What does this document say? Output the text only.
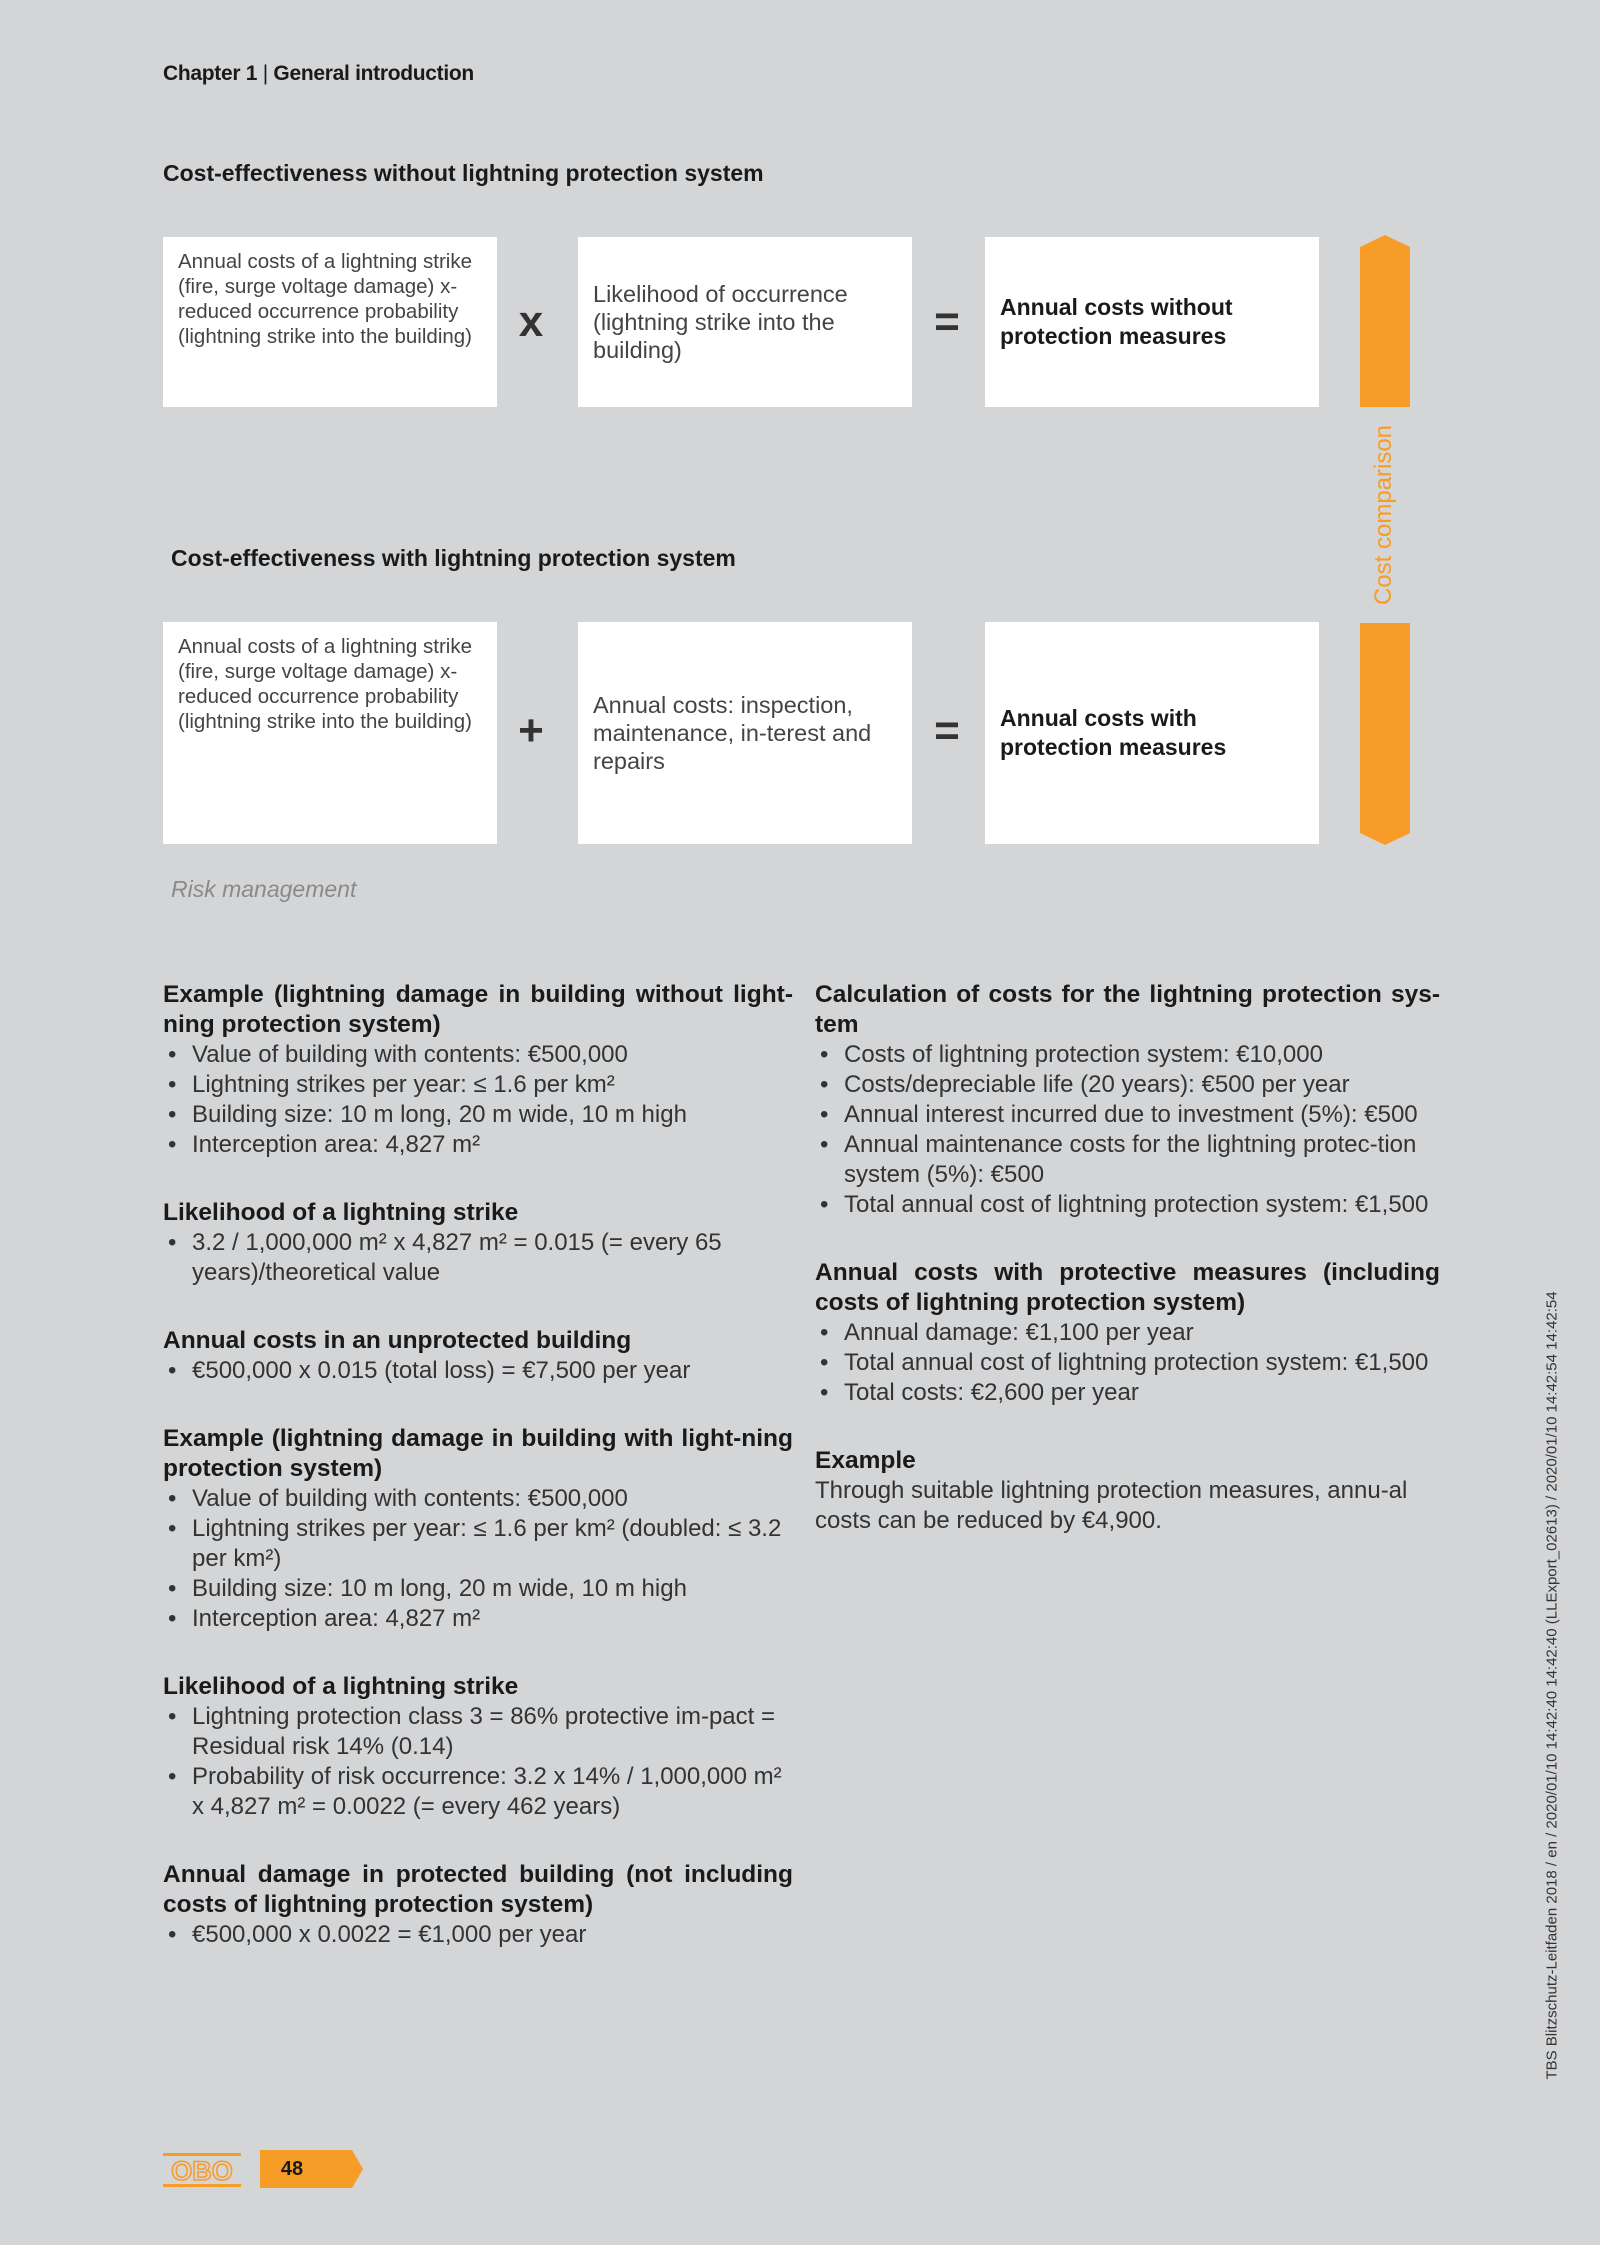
Chapter 1 | General introduction
Cost-effectiveness without lightning protection system
Annual costs of a lightning strike (fire, surge voltage damage) x-reduced occurrence probability (lightning strike into the building)	x
Likelihood of occurrence (lightning strike into the building)
=	Annual costs without protection measures
Cost-effectiveness with lightning protection system
Annual costs of a lightning strike (fire, surge voltage damage) x-reduced occurrence probability (lightning strike into the building)	+
Annual costs: inspection, maintenance, in-terest and repairs
=	Annual costs with protection measures
Cost comparison
Risk management
Example (lightning damage in building without light-ning protection system)
• Value of building with contents: €500,000
• Lightning strikes per year: ≤ 1.6 per km²
• Building size: 10 m long, 20 m wide, 10 m high
• Interception area: 4,827 m²
Likelihood of a lightning strike
• 3.2 / 1,000,000 m² x 4,827 m² = 0.015 (= every 65 years)/theoretical value
Annual costs in an unprotected building
• €500,000 x 0.015 (total loss) = €7,500 per year
Example (lightning damage in building with light-ning protection system)
• Value of building with contents: €500,000
• Lightning strikes per year: ≤ 1.6 per km² (doubled: ≤ 3.2 per km²)
• Building size: 10 m long, 20 m wide, 10 m high
• Interception area: 4,827 m²
Likelihood of a lightning strike
• Lightning protection class 3 = 86% protective im-pact = Residual risk 14% (0.14)
• Probability of risk occurrence: 3.2 x 14% / 1,000,000 m² x 4,827 m² = 0.0022 (= every 462 years)
Annual damage in protected building (not including costs of lightning protection system)
• €500,000 x 0.0022 = €1,000 per year
Calculation of costs for the lightning protection sys-tem
• Costs of lightning protection system: €10,000
• Costs/depreciable life (20 years): €500 per year
• Annual interest incurred due to investment (5%): €500
• Annual maintenance costs for the lightning protec-tion system (5%): €500
• Total annual cost of lightning protection system: €1,500
Annual costs with protective measures (including costs of lightning protection system)
• Annual damage: €1,100 per year
• Total annual cost of lightning protection system: €1,500
• Total costs: €2,600 per year
Example

Through suitable lightning protection measures, annu-al costs can be reduced by €4,900.	TBS Blitzschutz-Leitfaden 2018 / en / 2020/01/10 14:42:40 14:42:40 (LLExport_02613) / 2020/01/10 14:42:54 14:42:54
OBO	48
